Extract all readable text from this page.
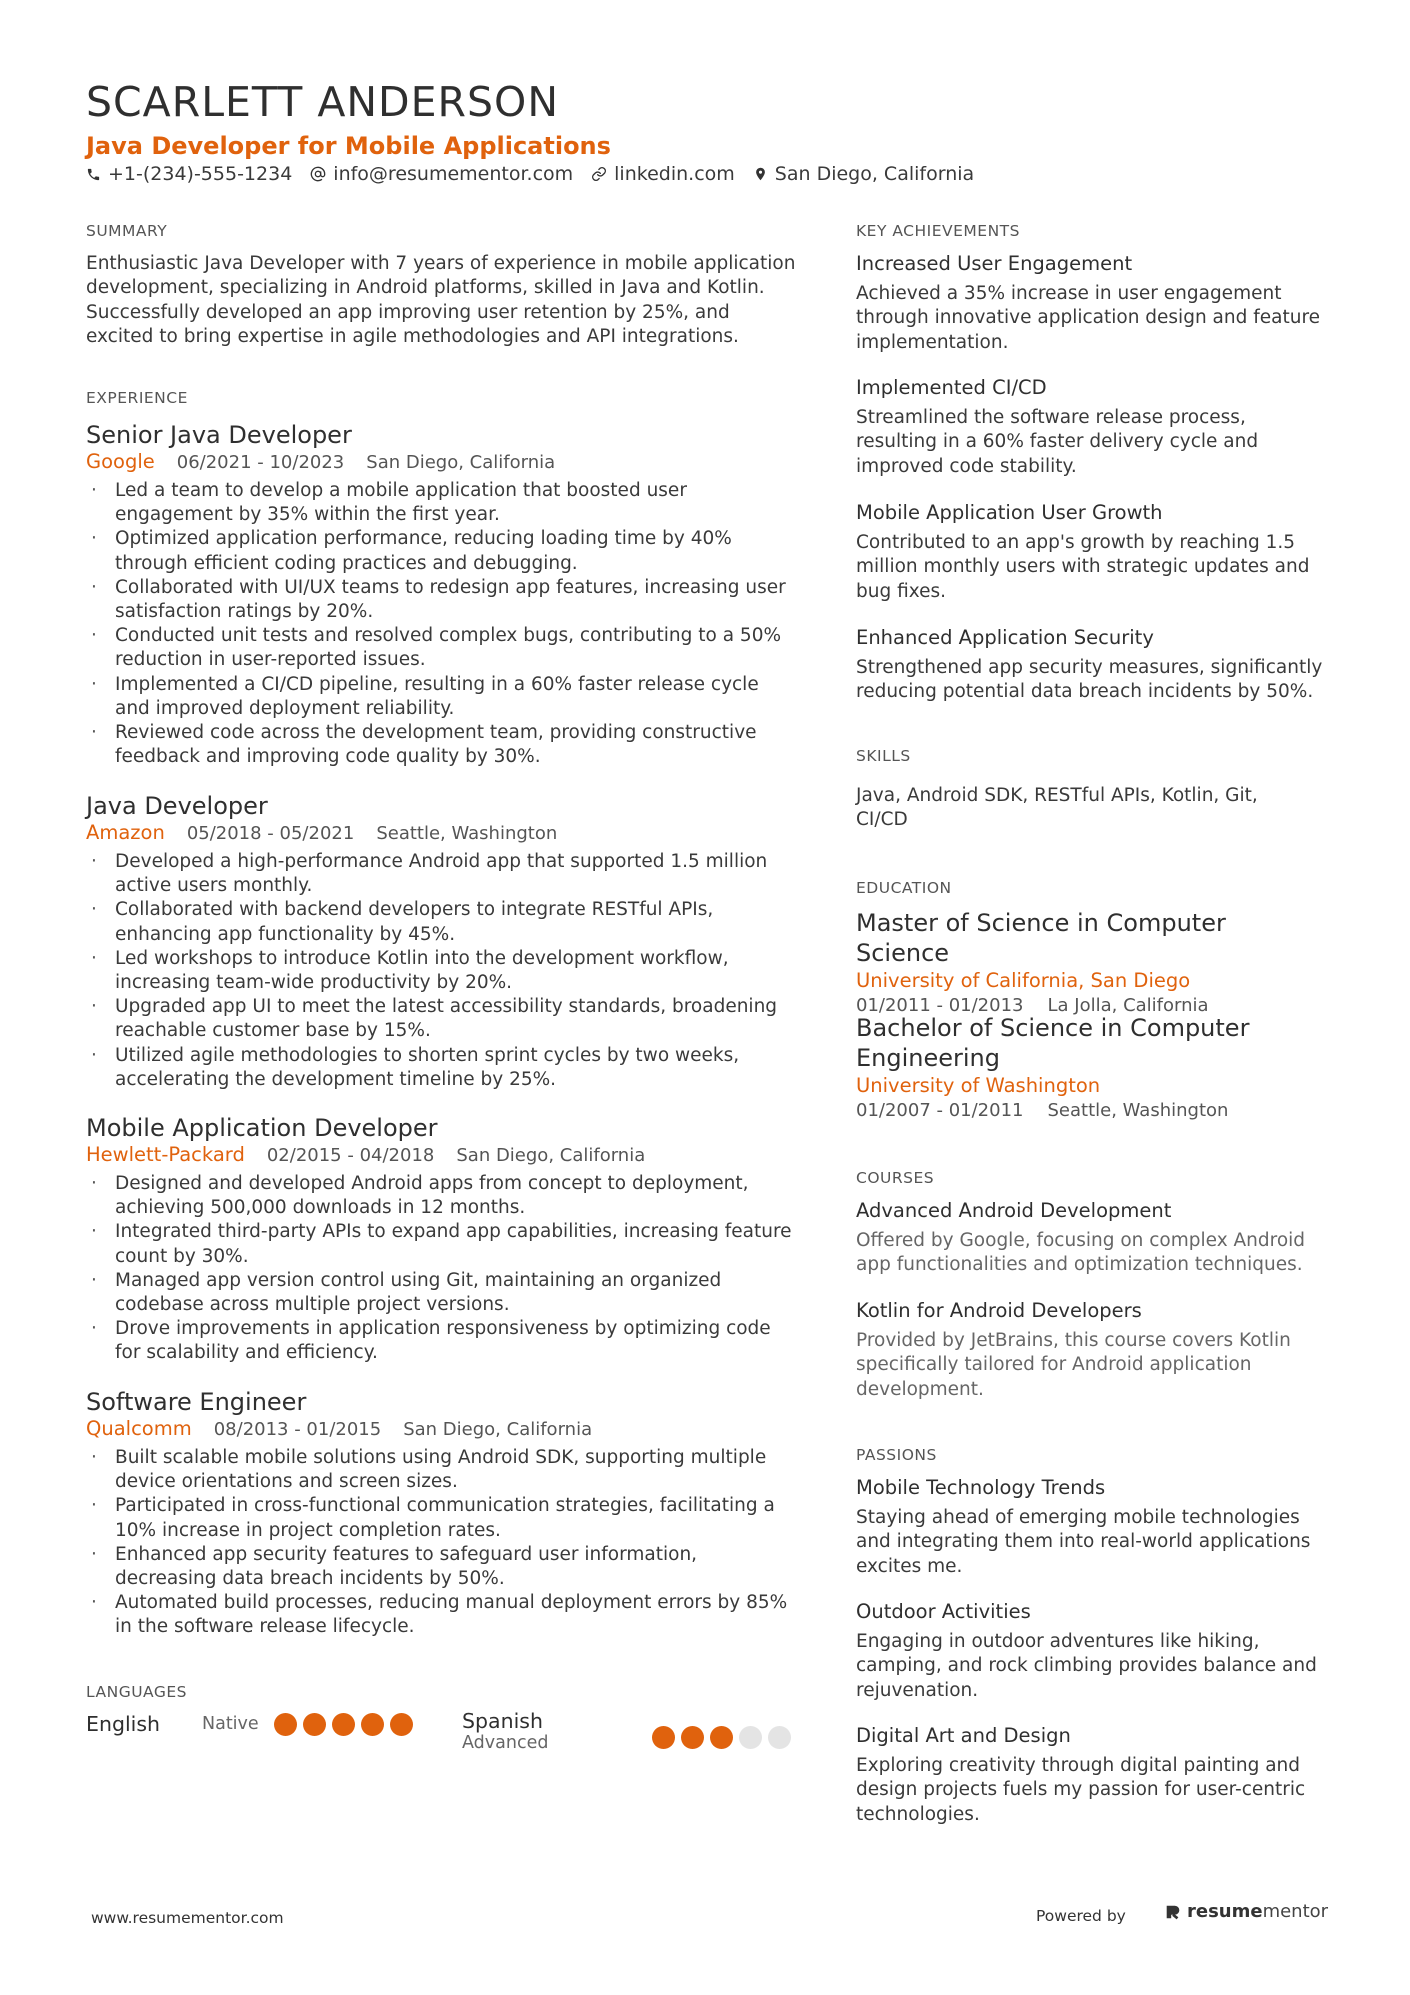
SCARLETT ANDERSON
Java Developer for Mobile Applications
+1-(234)-555-1234 info@resumementor.com linkedin.com San Diego, California
SUMMARY

Enthusiastic Java Developer with 7 years of experience in mobile application development, specializing in Android platforms, skilled in Java and Kotlin. Successfully developed an app improving user retention by 25%, and excited to bring expertise in agile methodologies and API integrations.

EXPERIENCE
Senior Java Developer
Google 06/2021 - 10/2023 San Diego, California
· Led a team to develop a mobile application that boosted user engagement by 35% within the first year.
· Optimized application performance, reducing loading time by 40% through efficient coding practices and debugging.
· Collaborated with UI/UX teams to redesign app features, increasing user satisfaction ratings by 20%.
· Conducted unit tests and resolved complex bugs, contributing to a 50% reduction in user-reported issues.
· Implemented a CI/CD pipeline, resulting in a 60% faster release cycle and improved deployment reliability.
· Reviewed code across the development team, providing constructive feedback and improving code quality by 30%.
Java Developer
Amazon 05/2018 - 05/2021 Seattle, Washington
· Developed a high-performance Android app that supported 1.5 million active users monthly.
· Collaborated with backend developers to integrate RESTful APIs, enhancing app functionality by 45%.
· Led workshops to introduce Kotlin into the development workflow, increasing team-wide productivity by 20%.
· Upgraded app UI to meet the latest accessibility standards, broadening reachable customer base by 15%.
· Utilized agile methodologies to shorten sprint cycles by two weeks, accelerating the development timeline by 25%.
Mobile Application Developer
Hewlett-Packard 02/2015 - 04/2018 San Diego, California
· Designed and developed Android apps from concept to deployment, achieving 500,000 downloads in 12 months.
· Integrated third-party APIs to expand app capabilities, increasing feature count by 30%.
· Managed app version control using Git, maintaining an organized codebase across multiple project versions.
· Drove improvements in application responsiveness by optimizing code for scalability and efficiency.
Software Engineer
Qualcomm 08/2013 - 01/2015 San Diego, California
· Built scalable mobile solutions using Android SDK, supporting multiple device orientations and screen sizes.
· Participated in cross-functional communication strategies, facilitating a 10% increase in project completion rates.
· Enhanced app security features to safeguard user information, decreasing data breach incidents by 50%.
· Automated build processes, reducing manual deployment errors by 85% in the software release lifecycle.
LANGUAGES
English	Native	Spanish
Advanced
KEY ACHIEVEMENTS
Increased User Engagement

Achieved a 35% increase in user engagement through innovative application design and feature implementation.

Implemented CI/CD

Streamlined the software release process, resulting in a 60% faster delivery cycle and improved code stability.

Mobile Application User Growth

Contributed to an app's growth by reaching 1.5 million monthly users with strategic updates and bug fixes.

Enhanced Application Security

Strengthened app security measures, significantly reducing potential data breach incidents by 50%.

SKILLS

Java, Android SDK, RESTful APIs, Kotlin, Git, CI/CD

EDUCATION
Master of Science in Computer Science
University of California, San Diego
01/2011 - 01/2013 La Jolla, California
Bachelor of Science in Computer Engineering
University of Washington
01/2007 - 01/2011 Seattle, Washington
COURSES
Advanced Android Development

Offered by Google, focusing on complex Android app functionalities and optimization techniques.

Kotlin for Android Developers

Provided by JetBrains, this course covers Kotlin specifically tailored for Android application development.

PASSIONS
Mobile Technology Trends

Staying ahead of emerging mobile technologies and integrating them into real-world applications excites me.

Outdoor Activities

Engaging in outdoor adventures like hiking, camping, and rock climbing provides balance and rejuvenation.

Digital Art and Design

Exploring creativity through digital painting and design projects fuels my passion for user-centric technologies.

www.resumementor.com	Powered by	resumementor
